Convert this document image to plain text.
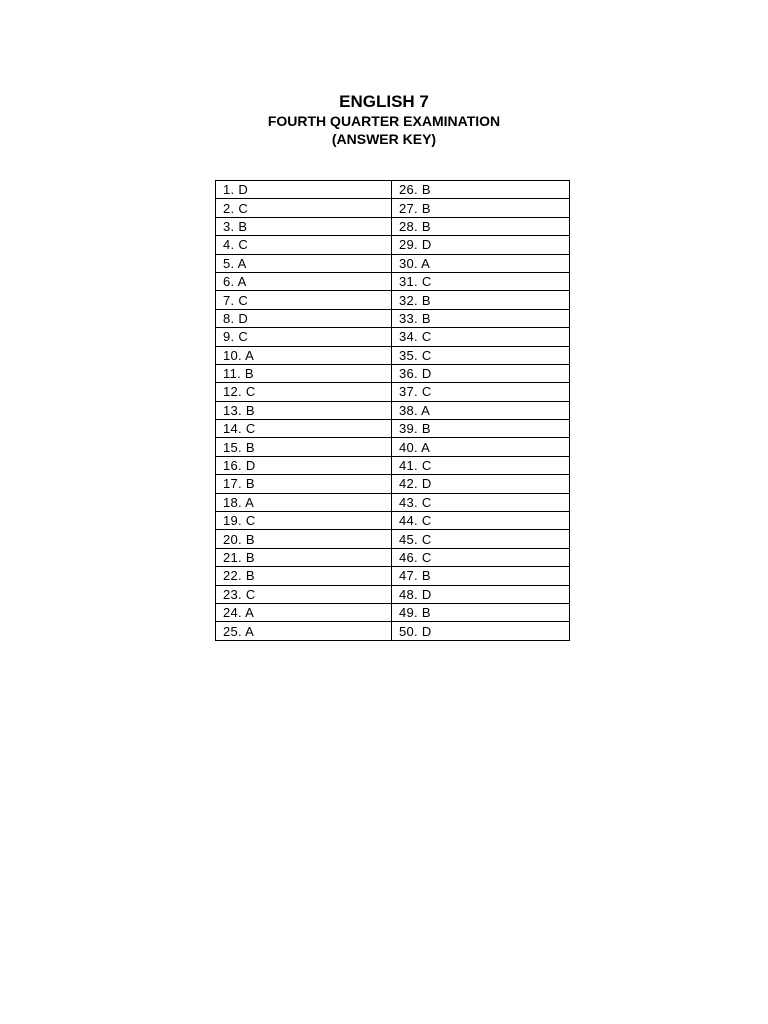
ENGLISH 7

FOURTH QUARTER EXAMINATION

(ANSWER KEY)

1. D	26. B
2. C	27. B
3. B	28. B
4. C	29. D
5. A	30. A
6. A	31. C
7. C	32. B
8. D	33. B
9. C	34. C
10. A	35. C
11. B	36. D
12. C	37. C
13. B	38. A
14. C	39. B
15. B	40. A
16. D	41. C
17. B	42. D
18. A	43. C
19. C	44. C
20. B	45. C
21. B	46. C
22. B	47. B
23. C	48. D
24. A	49. B
25. A	50. D
